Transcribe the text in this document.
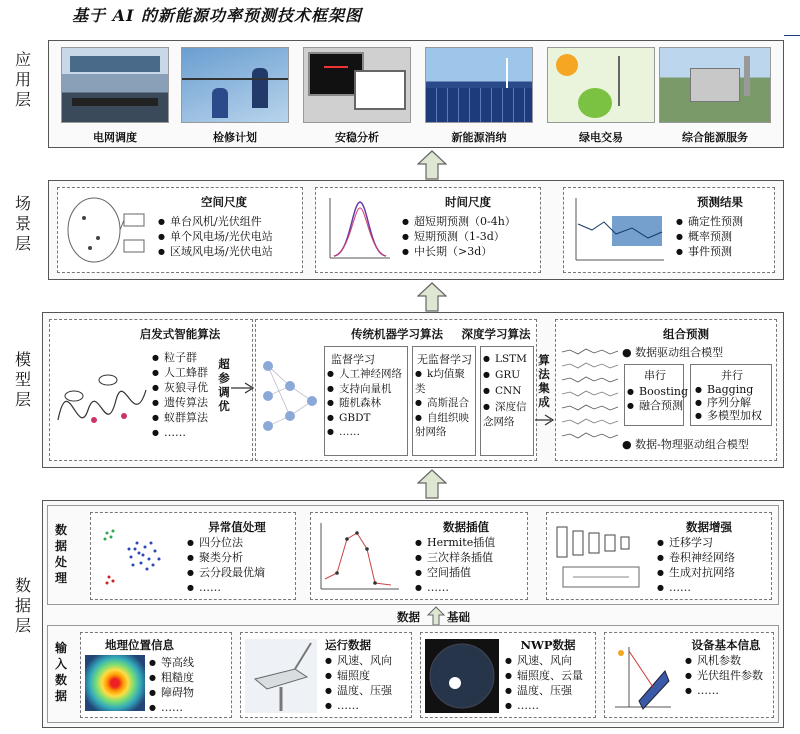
基于 AI 的新能源功率预测技术框架图
应用层
电网调度	检修计划	安稳分析	新能源消纳	绿电交易	综合能源服务
场景层
空间尺度
● 单台风机/光伏组件
● 单个风电场/光伏电站
● 区域风电场/光伏电站
时间尺度
● 超短期预测（0-4h）
● 短期预测（1-3d）
● 中长期（>3d）
预测结果
● 确定性预测
● 概率预测
● 事件预测
模型层
启发式智能算法
● 粒子群
● 人工蜂群
● 灰狼寻优
● 遗传算法
● 蚁群算法
● ……
超参调优
传统机器学习算法	深度学习算法
监督学习
● 人工神经网络
● 支持向量机
● 随机森林
● GBDT
● ……
无监督学习
● k均值聚类
● 高斯混合
● 自组织映射网络
● LSTM
● GRU
● CNN
● 深度信念网络
算法集成
组合预测
● 数据驱动组合模型
串行
● Boosting
● 融合预测
并行
● Bagging
● 序列分解
● 多模型加权
● 数据-物理驱动组合模型
数据层
数据处理
异常值处理
● 四分位法
● 聚类分析
● 云分段最优熵
● ……
数据插值
● Hermite插值
● 三次样条插值
● 空间插值
● ……
数据增强
● 迁移学习
● 卷积神经网络
● 生成对抗网络
● ……
数据 基础
输入数据
地理位置信息
● 等高线
● 粗糙度
● 障碍物
● ……
运行数据
● 风速、风向
● 辐照度
● 温度、压强
● ……
NWP数据
● 风速、风向
● 辐照度、云量
● 温度、压强
● ……
设备基本信息
● 风机参数
● 光伏组件参数
● ……
